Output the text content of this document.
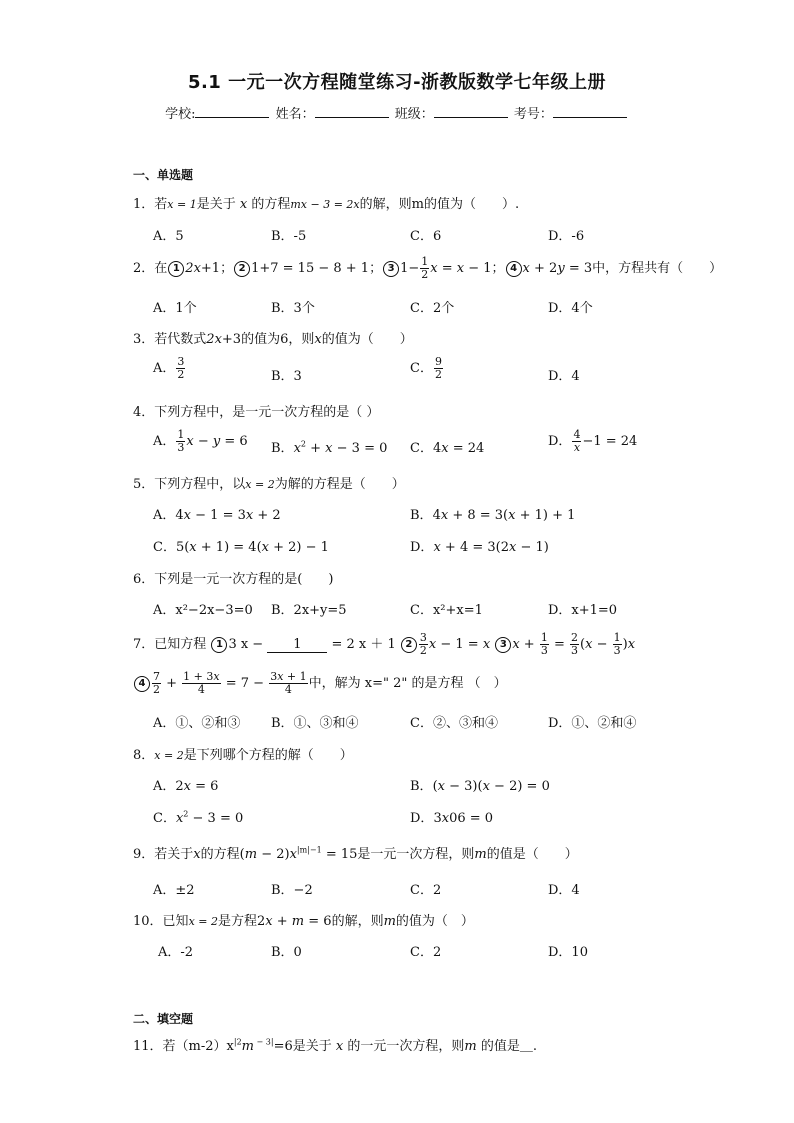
5.1 一元一次方程随堂练习-浙教版数学七年级上册
学校:	姓名：	班级：	考号：
一、单选题
1．若x = 1是关于 x 的方程mx − 3 = 2x的解，则m的值为（　　）.
A．5	B．-5	C．6	D．-6
2．在 1 2x+1； 2 1+7 = 15 − 8 + 1； 3 $1- \frac{1}{2}$ x = x − 1； 4 x + 2y = 3中，方程共有（　　）
A．1个	B．3个	C．2个	D．4个
3．若代数式2x+3的值为6，则x的值为（　　）
A． $\frac{3}{2}$	B．3
C． $\frac{9}{2}$	D．4
4．下列方程中，是一元一次方程的是（ ）
A． $\frac{1}{3}$ x − y = 6 B．$x^2 + x - 3 = 0$ C．4x = 24	D． $\frac{4}{x} -1 = 24$
5．下列方程中，以x = 2为解的方程是（　　）
A．4x − 1 = 3x + 2	B．4x + 8 = 3(x + 1) + 1
C．5(x + 1) = 4(x + 2) − 1	D．x + 4 = 3(2x − 1)
6．下列是一元一次方程的是(　　)
A．x²−2x−3=0 B．2x+y=5	C．x²+x=1	D．x+1=0
7．已知方程 1 3 x − 1 = 2 x ＋ 1 $2 \frac{3}{2}$ x − 1 = x 3 $x + \frac{1}{3} = \frac{2}{3} (x - \frac{1}{3} )x$
$4 \frac{7}{2} + \frac{1 + 3x}{4} = 7 - \frac{3x + 1}{4}$ 中，解为 x=" 2" 的是方程 （　）
A．①、②和③ B．①、③和④	C．②、③和④	D．①、②和④
8．x = 2是下列哪个方程的解（　　）
A．2x = 6	B．(x − 3)(x − 2) = 0
C．$x^2 - 3 = 0$	D．3x06 = 0
9．若关于x的方程$(m - 2)x^{|m|-1} = 15$是一元一次方程，则m的值是（　　）
A．±2	B．−2	C．2	D．4
10．已知x = 2是方程2x + m = 6的解，则m的值为（　）
A．-2	B．0	C．2	D．10
二、填空题
11．若$(m-2)x^{|2}m$ $^{- 3|}$=6是关于 x 的一元一次方程，则m 的值是＿.
